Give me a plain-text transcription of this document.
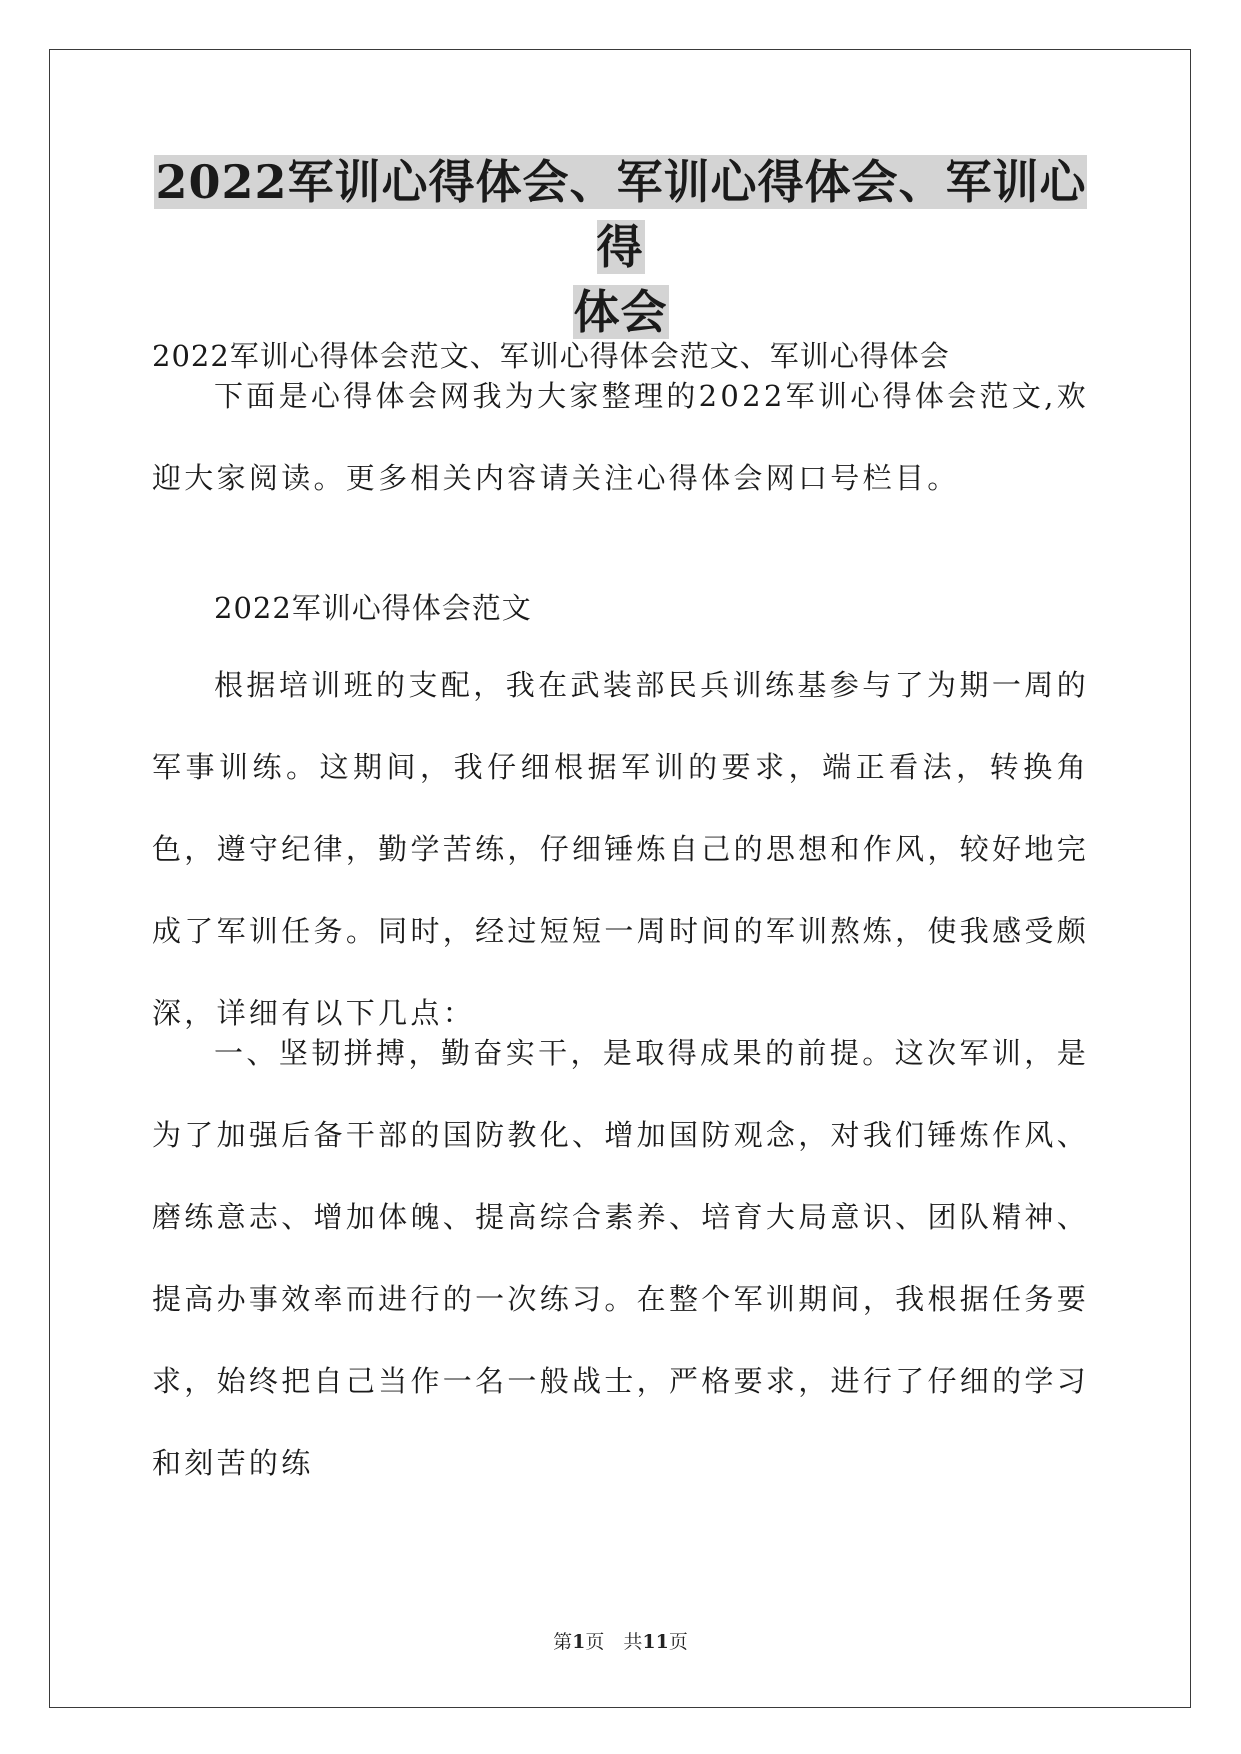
2022军训心得体会、军训心得体会、军训心得
体会
2022军训心得体会范文、军训心得体会范文、军训心得体会

下面是心得体会网我为大家整理的2022军训心得体会范文,欢迎大家阅读。更多相关内容请关注心得体会网口号栏目。

2022军训心得体会范文

根据培训班的支配，我在武装部民兵训练基参与了为期一周的军事训练。这期间，我仔细根据军训的要求，端正看法，转换角色，遵守纪律，勤学苦练，仔细锤炼自己的思想和作风，较好地完成了军训任务。同时，经过短短一周时间的军训熬炼，使我感受颇深，详细有以下几点：

一、坚韧拼搏，勤奋实干，是取得成果的前提。这次军训，是为了加强后备干部的国防教化、增加国防观念，对我们锤炼作风、磨练意志、增加体魄、提高综合素养、培育大局意识、团队精神、提高办事效率而进行的一次练习。在整个军训期间，我根据任务要求，始终把自己当作一名一般战士，严格要求，进行了仔细的学习和刻苦的练

第1页　共11页
